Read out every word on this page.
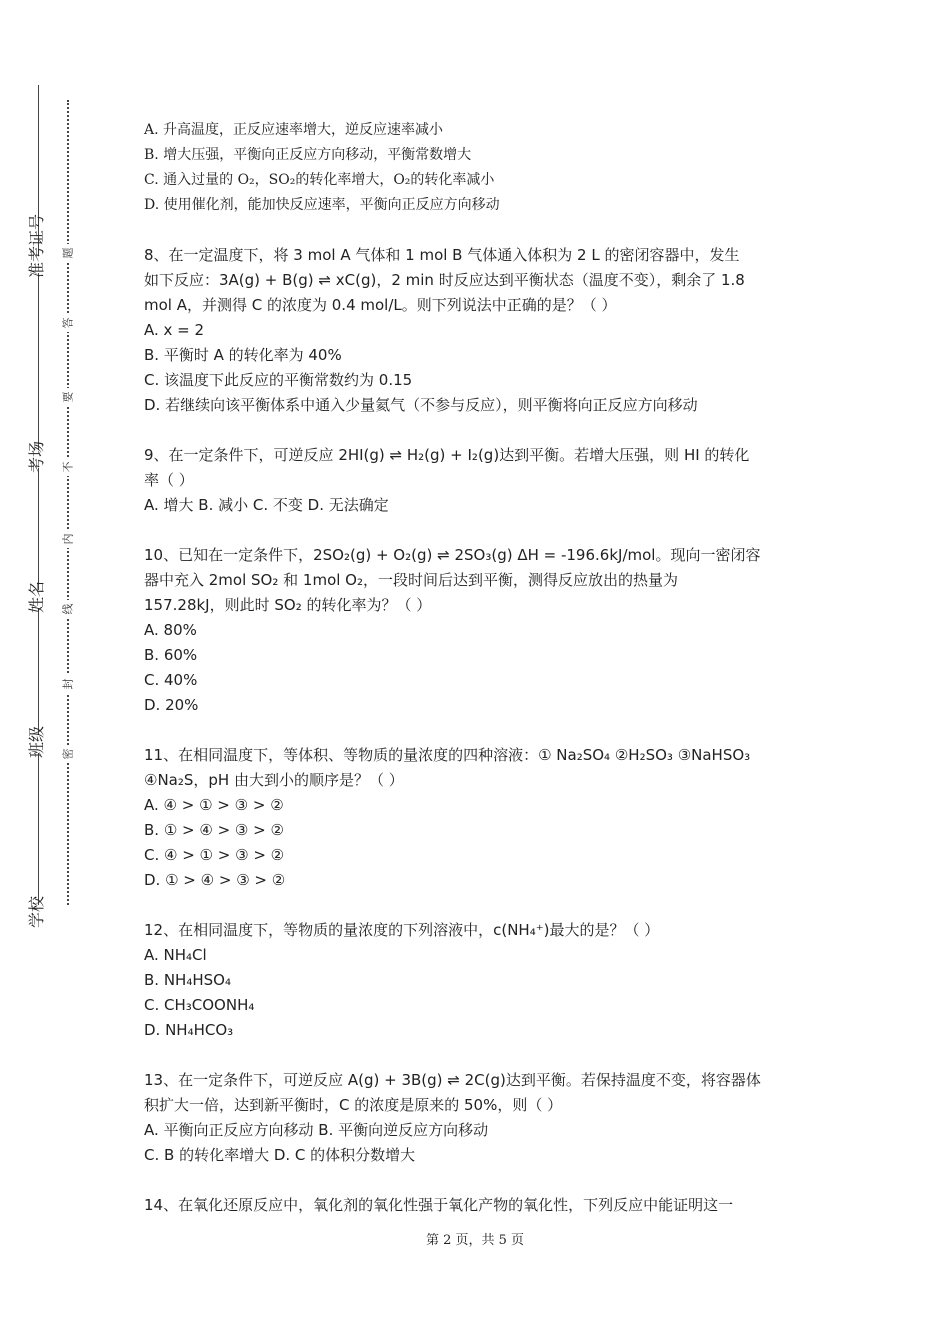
准考证号
考场
姓名
班级
学校
题
答
要
不
内
线
封
密
A. 升高温度，正反应速率增大，逆反应速率减小
B. 增大压强，平衡向正反应方向移动，平衡常数增大
C. 通入过量的 O₂，SO₂的转化率增大，O₂的转化率减小
D. 使用催化剂，能加快反应速率，平衡向正反应方向移动
8、在一定温度下，将 3 mol A 气体和 1 mol B 气体通入体积为 2 L 的密闭容器中，发生
如下反应：3A(g) + B(g) ⇌ xC(g)，2 min 时反应达到平衡状态（温度不变），剩余了 1.8
mol A，并测得 C 的浓度为 0.4 mol/L。则下列说法中正确的是？（ ）
A. x = 2
B. 平衡时 A 的转化率为 40%
C. 该温度下此反应的平衡常数约为 0.15
D. 若继续向该平衡体系中通入少量氦气（不参与反应），则平衡将向正反应方向移动
9、在一定条件下，可逆反应 2HI(g) ⇌ H₂(g) + I₂(g)达到平衡。若增大压强，则 HI 的转化
率（ ）
A. 增大 B. 减小 C. 不变 D. 无法确定
10、已知在一定条件下，2SO₂(g) + O₂(g) ⇌ 2SO₃(g) ΔH = -196.6kJ/mol。现向一密闭容
器中充入 2mol SO₂ 和 1mol O₂，一段时间后达到平衡，测得反应放出的热量为
157.28kJ，则此时 SO₂ 的转化率为？（ ）
A. 80%
B. 60%
C. 40%
D. 20%
11、在相同温度下，等体积、等物质的量浓度的四种溶液：① Na₂SO₄ ②H₂SO₃ ③NaHSO₃
④Na₂S，pH 由大到小的顺序是？（ ）
A. ④ > ① > ③ > ②
B. ① > ④ > ③ > ②
C. ④ > ① > ③ > ②
D. ① > ④ > ③ > ②
12、在相同温度下，等物质的量浓度的下列溶液中，c(NH₄⁺)最大的是？（ ）
A. NH₄Cl
B. NH₄HSO₄
C. CH₃COONH₄
D. NH₄HCO₃
13、在一定条件下，可逆反应 A(g) + 3B(g) ⇌ 2C(g)达到平衡。若保持温度不变，将容器体
积扩大一倍，达到新平衡时，C 的浓度是原来的 50%，则（ ）
A. 平衡向正反应方向移动 B. 平衡向逆反应方向移动
C. B 的转化率增大 D. C 的体积分数增大
14、在氧化还原反应中，氧化剂的氧化性强于氧化产物的氧化性，下列反应中能证明这一
第 2 页，共 5 页
